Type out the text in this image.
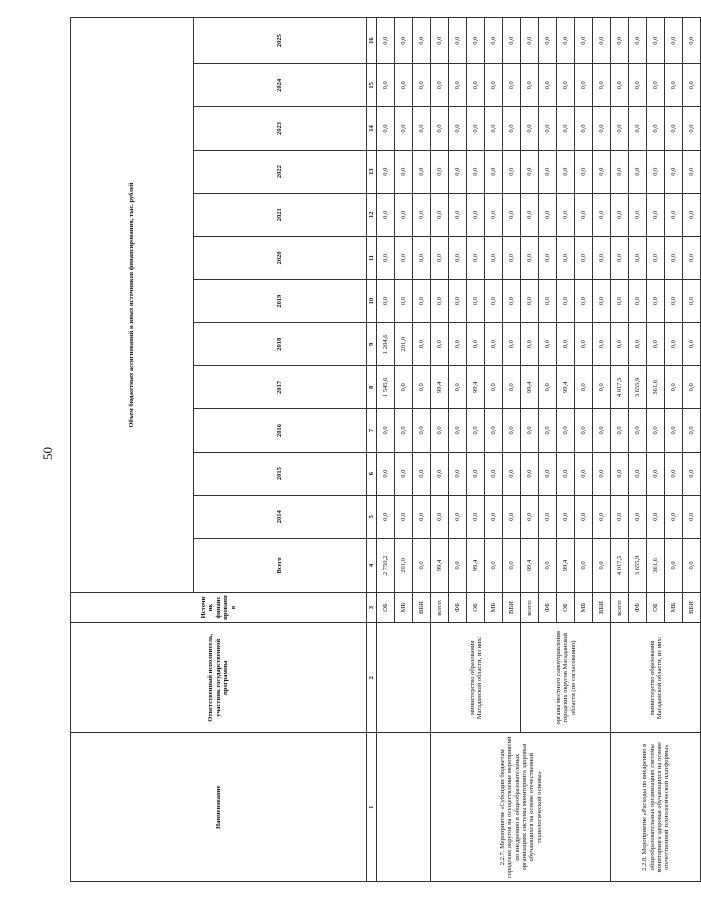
50
Наименование	Ответственный исполнитель, участник государственной программы	Источник финансирования	Объем бюджетных ассигнований и иных источников финансирования, тыс. рублей												
			Всего	2014	2015	2016	2017	2018	2019	2020	2021	2022	2023	2024	2025
1	2	3	4	5	6	7	8	9	10	11	12	13	14	15	16
		ОБ	2 750,2	0,0	0,0	0,0	1 545,6	1 204,6	0,0	0,0	0,0	0,0	0,0	0,0	0,0
		МБ	201,0	0,0	0,0	0,0	0,0	201,0	0,0	0,0	0,0	0,0	0,0	0,0	0,0
		ВБИ	0,0	0,0	0,0	0,0	0,0	0,0	0,0	0,0	0,0	0,0	0,0	0,0	0,0
2.2.7. Мероприятие «Субсидии бюджетам городских округов на осуществление мероприятий по внедрению в общеобразовательных организациях системы мониторинга здоровья обучающихся на основе отечественной технологической основы»	министерство образования Магаданской области, из них:	всего:	99,4	0,0	0,0	0,0	99,4	0,0	0,0	0,0	0,0	0,0	0,0	0,0	0,0
		ФБ	0,0	0,0	0,0	0,0	0,0	0,0	0,0	0,0	0,0	0,0	0,0	0,0	0,0
		ОБ	99,4	0,0	0,0	0,0	99,4	0,0	0,0	0,0	0,0	0,0	0,0	0,0	0,0
		МБ	0,0	0,0	0,0	0,0	0,0	0,0	0,0	0,0	0,0	0,0	0,0	0,0	0,0
		ВБИ	0,0	0,0	0,0	0,0	0,0	0,0	0,0	0,0	0,0	0,0	0,0	0,0	0,0
	органы местного самоуправления городских округов Магаданской области (по согласованию)	всего:	99,4	0,0	0,0	0,0	99,4	0,0	0,0	0,0	0,0	0,0	0,0	0,0	0,0
		ФБ	0,0	0,0	0,0	0,0	0,0	0,0	0,0	0,0	0,0	0,0	0,0	0,0	0,0
		ОБ	99,4	0,0	0,0	0,0	99,4	0,0	0,0	0,0	0,0	0,0	0,0	0,0	0,0
		МБ	0,0	0,0	0,0	0,0	0,0	0,0	0,0	0,0	0,0	0,0	0,0	0,0	0,0
		ВБИ	0,0	0,0	0,0	0,0	0,0	0,0	0,0	0,0	0,0	0,0	0,0	0,0	0,0
2.2.8. Мероприятие «Расходы по внедрению в общеобразовательных организациях системы мониторинга здоровья обучающихся на основе отечественной технологической платформы»	министерство образования Магаданской области, из них:	всего:	4 017,5	0,0	0,0	0,0	4 017,5	0,0	0,0	0,0	0,0	0,0	0,0	0,0	0,0
		ФБ	3 655,9	0,0	0,0	0,0	3 655,9	0,0	0,0	0,0	0,0	0,0	0,0	0,0	0,0
		ОБ	361,6	0,0	0,0	0,0	361,6	0,0	0,0	0,0	0,0	0,0	0,0	0,0	0,0
		МБ	0,0	0,0	0,0	0,0	0,0	0,0	0,0	0,0	0,0	0,0	0,0	0,0	0,0
		ВБИ	0,0	0,0	0,0	0,0	0,0	0,0	0,0	0,0	0,0	0,0	0,0	0,0	0,0
